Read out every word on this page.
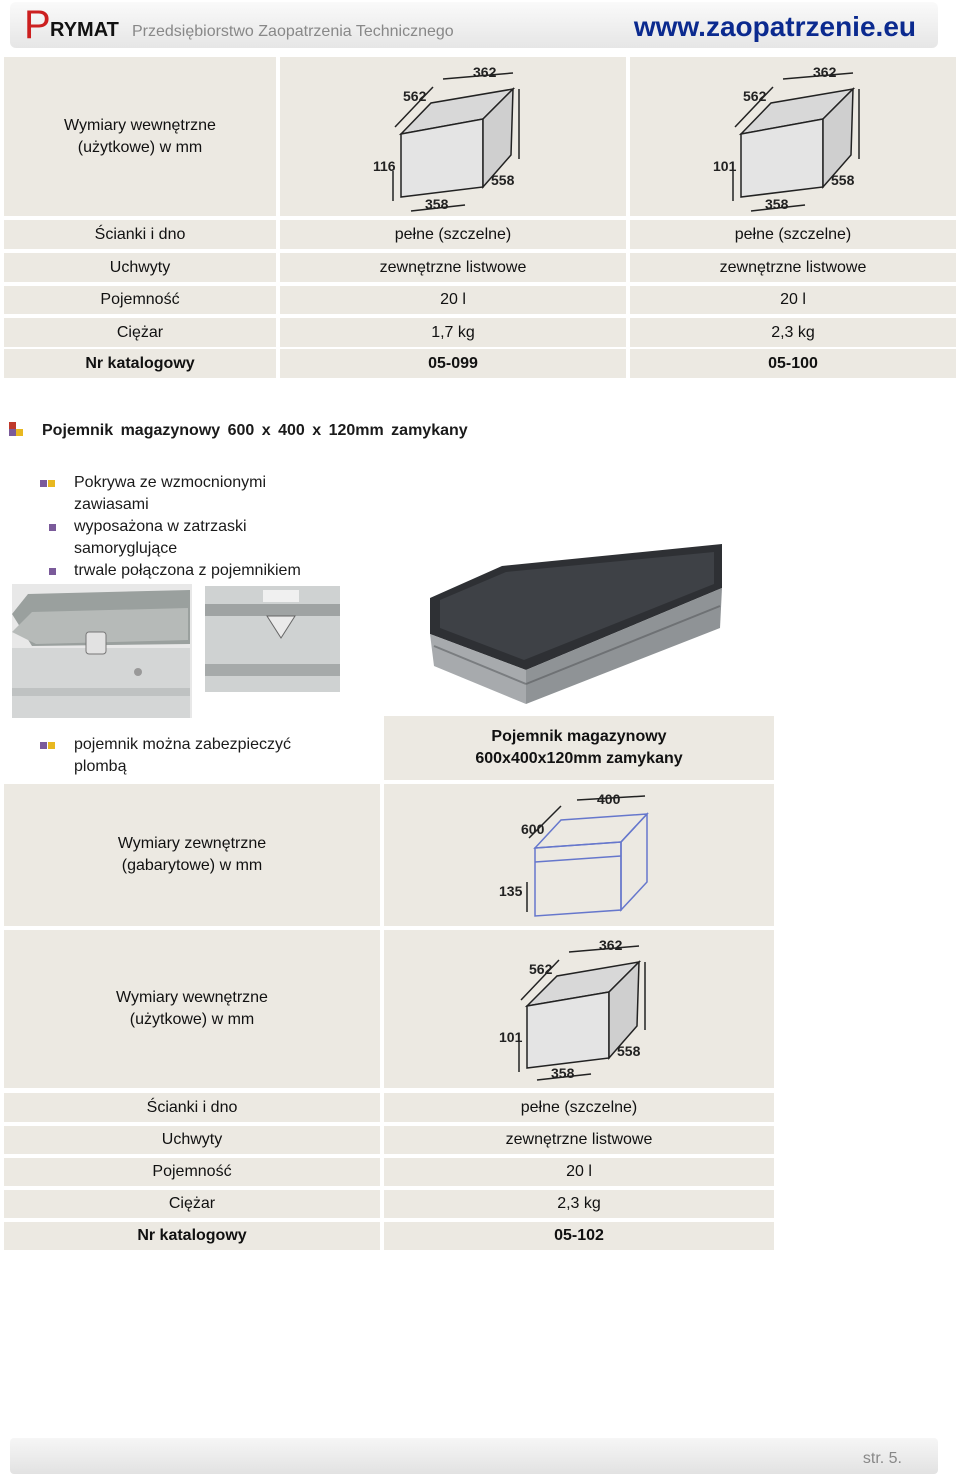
P RYMAT Przedsiębiorstwo Zaopatrzenia Technicznego	www.zaopatrzenie.eu
Wymiary wewnętrzne
(użytkowe) w mm
362
562
116
358
558
362
562
101
358
558
Ścianki i dno	pełne (szczelne)	pełne (szczelne)
Uchwyty	zewnętrzne listwowe	zewnętrzne listwowe
Pojemność	20 l	20 l
Ciężar	1,7 kg	2,3 kg
Nr katalogowy	05-099	05-100
Pojemnik magazynowy 600 x 400 x 120mm zamykany
Pokrywa ze wzmocnionymi
zawiasami
wyposażona w zatrzaski
samoryglujące
trwale połączona z pojemnikiem
pojemnik można zabezpieczyć
plombą
Pojemnik magazynowy
600x400x120mm zamykany
Wymiary zewnętrzne
(gabarytowe) w mm
400
600
135
Wymiary wewnętrzne
(użytkowe) w mm
362
562
101
358
558
Ścianki i dno	pełne (szczelne)
Uchwyty	zewnętrzne listwowe
Pojemność	20 l
Ciężar	2,3 kg
Nr katalogowy	05-102
str. 5.
